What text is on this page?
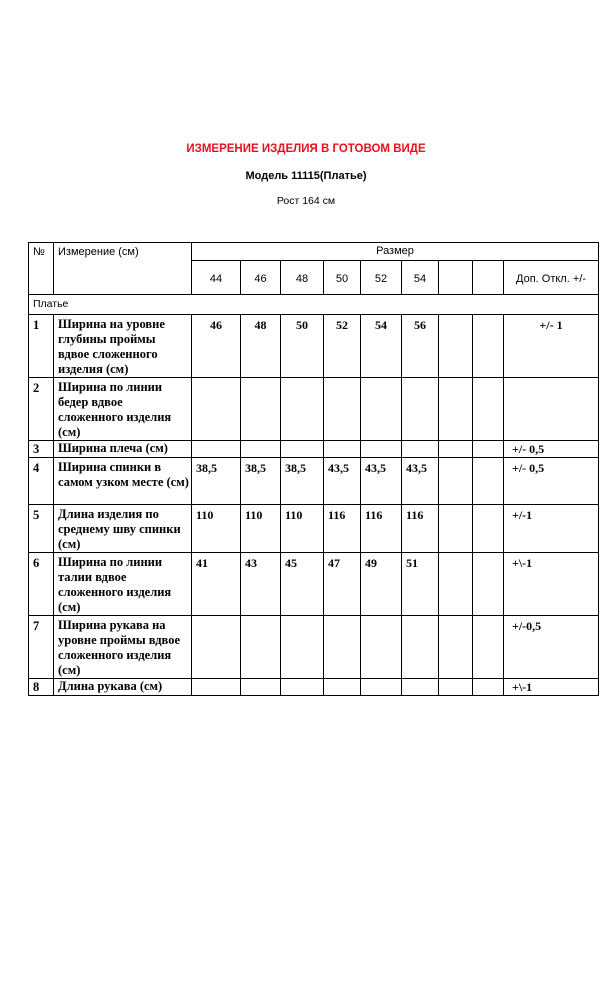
ИЗМЕРЕНИЕ ИЗДЕЛИЯ В ГОТОВОМ ВИДЕ
Модель 11115(Платье)
Рост 164 см
№	Измерение (см)	Размер								
		44	46	48	50	52	54			Доп. Откл. +/-
Платье										
1	Ширина на уровне глубины проймы вдвое сложенного изделия (см)	46	48	50	52	54	56			+/- 1
2	Ширина по линии бедер вдвое сложенного изделия (см)									
3	Ширина плеча (см)									+/- 0,5
4	Ширина спинки в самом узком месте (см)	38,5	38,5	38,5	43,5	43,5	43,5			+/- 0,5
5	Длина изделия по среднему шву спинки (см)	110	110	110	116	116	116			+/-1
6	Ширина по линии талии вдвое сложенного изделия (см)	41	43	45	47	49	51			+\-1
7	Ширина рукава на уровне проймы вдвое сложенного изделия (см)									+/-0,5
8	Длина рукава (см)									+\-1
